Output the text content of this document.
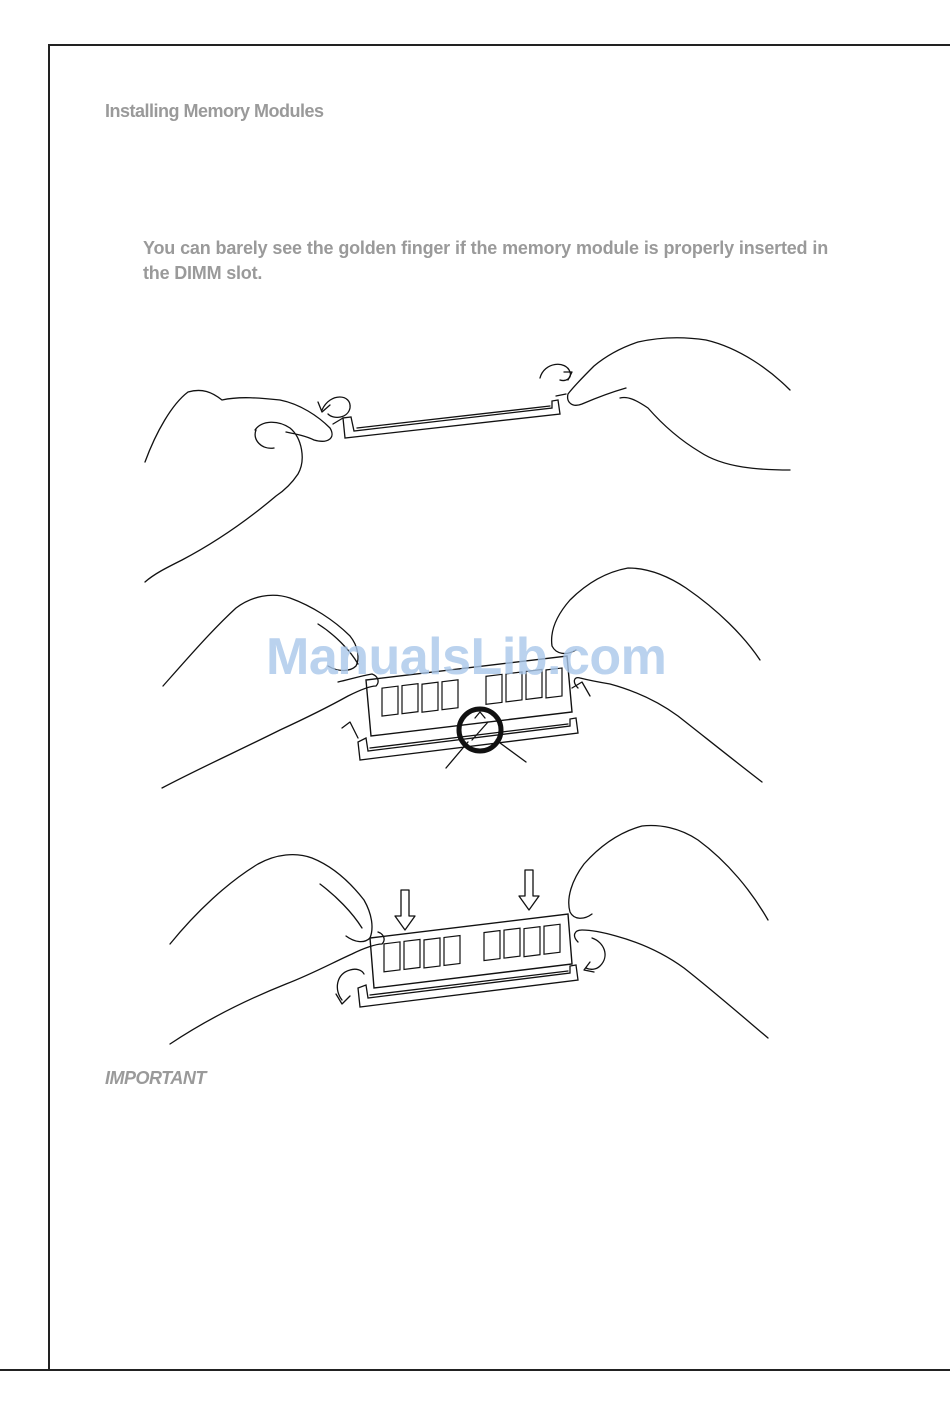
Installing Memory Modules

You can barely see the golden finger if the memory module is properly inserted in the DIMM slot.

ManualsLib.com

IMPORTANT
